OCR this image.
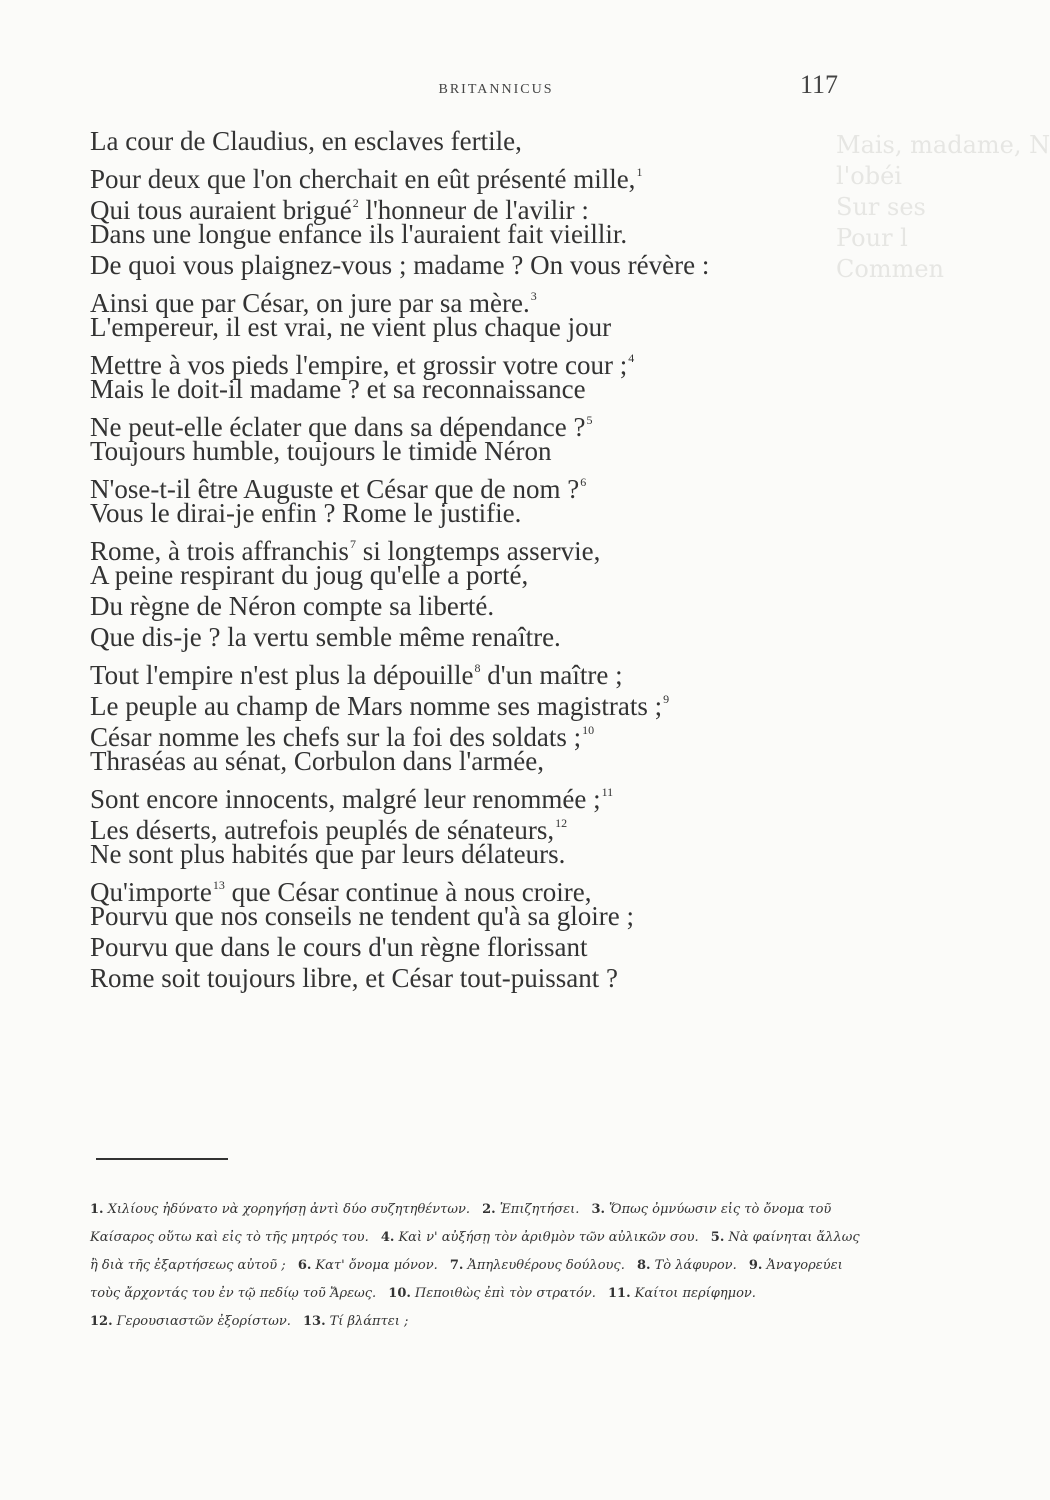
Mais, madame, N
l'obéi
Sur ses
Pour l
Commen
BRITANNICUS	117
La cour de Claudius, en esclaves fertile,
Pour deux que l'on cherchait en eût présenté mille,$^1$
Qui tous auraient brigué$^2$ l'honneur de l'avilir :
Dans une longue enfance ils l'auraient fait vieillir.
De quoi vous plaignez-vous ; madame ? On vous révère :
Ainsi que par César, on jure par sa mère.$^3$
L'empereur, il est vrai, ne vient plus chaque jour
Mettre à vos pieds l'empire, et grossir votre cour ;$^4$
Mais le doit-il madame ? et sa reconnaissance
Ne peut-elle éclater que dans sa dépendance ?$^5$
Toujours humble, toujours le timide Néron
N'ose-t-il être Auguste et César que de nom ?$^6$
Vous le dirai-je enfin ? Rome le justifie.
Rome, à trois affranchis$^7$ si longtemps asservie,
A peine respirant du joug qu'elle a porté,
Du règne de Néron compte sa liberté.
Que dis-je ? la vertu semble même renaître.
Tout l'empire n'est plus la dépouille$^8$ d'un maître ;
Le peuple au champ de Mars nomme ses magistrats ;$^9$
César nomme les chefs sur la foi des soldats ;$^{10}$
Thraséas au sénat, Corbulon dans l'armée,
Sont encore innocents, malgré leur renommée ;$^{11}$
Les déserts, autrefois peuplés de sénateurs,$^{12}$
Ne sont plus habités que par leurs délateurs.
Qu'importe$^{13}$ que César continue à nous croire,
Pourvu que nos conseils ne tendent qu'à sa gloire ;
Pourvu que dans le cours d'un règne florissant
Rome soit toujours libre, et César tout-puissant ?
1. Χιλίους ἠδύνατο νὰ χορηγήσῃ ἀντὶ δύο συζητηθέντων. 2. Ἐπιζητήσει. 3. Ὅπως ὀμνύωσιν εἰς τὸ ὄνομα τοῦ Καίσαρος οὕτω καὶ εἰς τὸ τῆς μητρός του. 4. Καὶ ν' αὐξήσῃ τὸν ἀριθμὸν τῶν αὐλικῶν σου. 5. Νὰ φαίνηται ἄλλως ἢ διὰ τῆς ἐξαρτήσεως αὐτοῦ ; 6. Κατ' ὄνομα μόνον. 7. Ἀπηλευθέρους δούλους. 8. Τὸ λάφυρον. 9. Ἀναγορεύει τοὺς ἄρχοντάς του ἐν τῷ πεδίῳ τοῦ Ἄρεως. 10. Πεποιθὼς ἐπὶ τὸν στρατόν. 11. Καίτοι περίφημον. 12. Γερουσιαστῶν ἐξορίστων. 13. Τί βλάπτει ;
